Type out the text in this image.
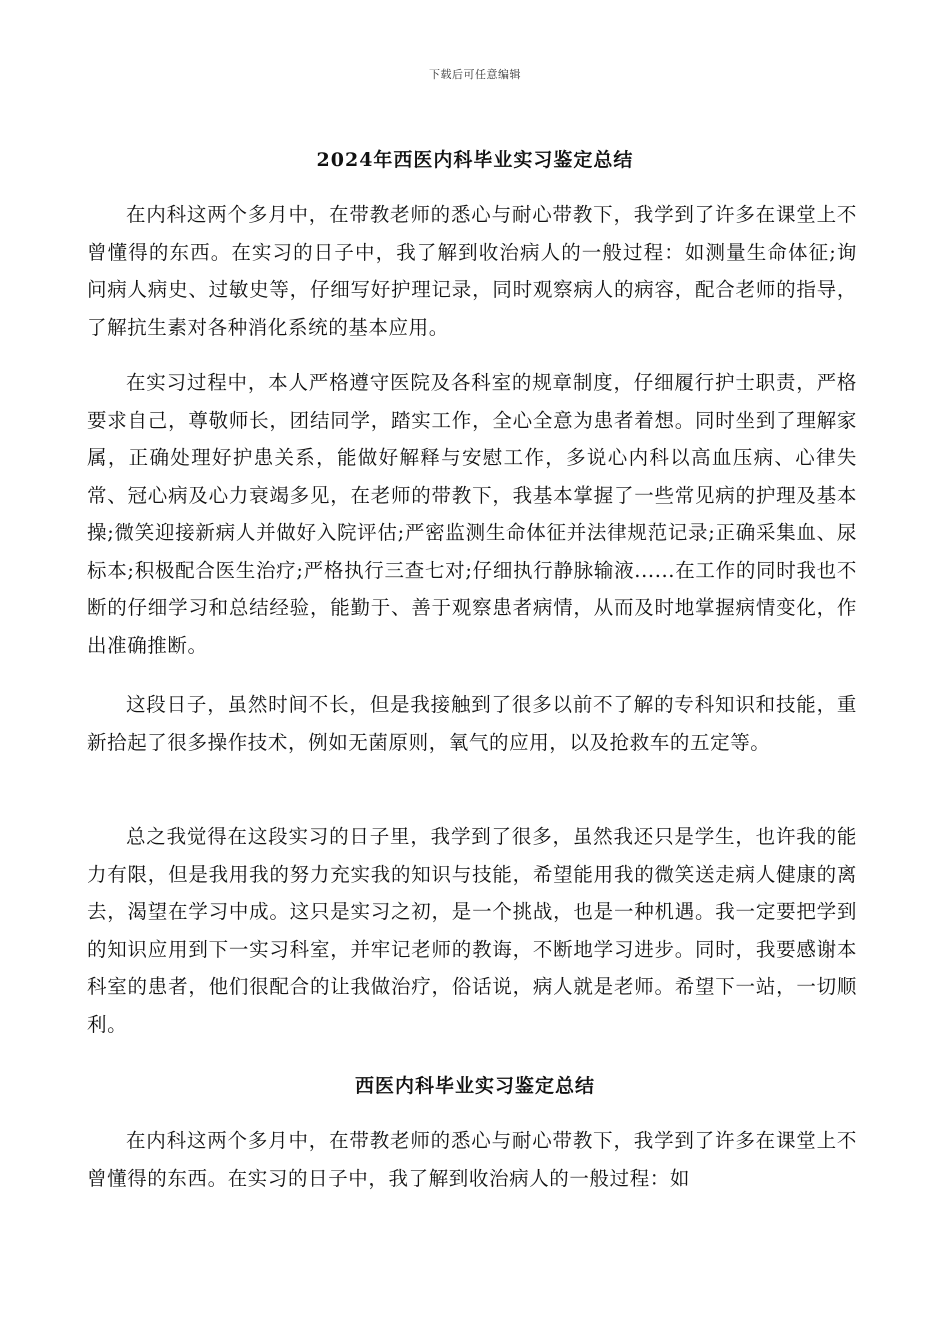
下载后可任意编辑
2024年西医内科毕业实习鉴定总结

在内科这两个多月中，在带教老师的悉心与耐心带教下，我学到了许多在课堂上不曾懂得的东西。在实习的日子中，我了解到收治病人的一般过程：如测量生命体征;询问病人病史、过敏史等，仔细写好护理记录，同时观察病人的病容，配合老师的指导，了解抗生素对各种消化系统的基本应用。

在实习过程中，本人严格遵守医院及各科室的规章制度，仔细履行护士职责，严格要求自己，尊敬师长，团结同学，踏实工作，全心全意为患者着想。同时坐到了理解家属，正确处理好护患关系，能做好解释与安慰工作，多说心内科以高血压病、心律失常、冠心病及心力衰竭多见，在老师的带教下，我基本掌握了一些常见病的护理及基本操;微笑迎接新病人并做好入院评估;严密监测生命体征并法律规范记录;正确采集血、尿标本;积极配合医生治疗;严格执行三查七对;仔细执行静脉输液......在工作的同时我也不断的仔细学习和总结经验，能勤于、善于观察患者病情，从而及时地掌握病情变化，作出准确推断。

这段日子，虽然时间不长，但是我接触到了很多以前不了解的专科知识和技能，重新拾起了很多操作技术，例如无菌原则，氧气的应用，以及抢救车的五定等。

总之我觉得在这段实习的日子里，我学到了很多，虽然我还只是学生，也许我的能力有限，但是我用我的努力充实我的知识与技能，希望能用我的微笑送走病人健康的离去，渴望在学习中成。这只是实习之初，是一个挑战，也是一种机遇。我一定要把学到的知识应用到下一实习科室，并牢记老师的教诲，不断地学习进步。同时，我要感谢本科室的患者，他们很配合的让我做治疗，俗话说，病人就是老师。希望下一站，一切顺利。

西医内科毕业实习鉴定总结

在内科这两个多月中，在带教老师的悉心与耐心带教下，我学到了许多在课堂上不曾懂得的东西。在实习的日子中，我了解到收治病人的一般过程：如
